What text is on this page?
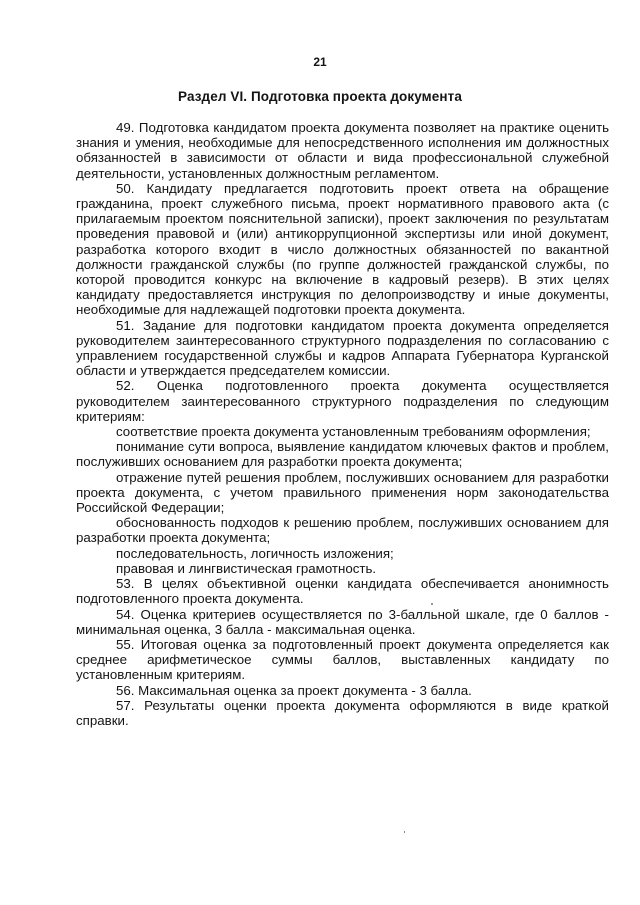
21
Раздел VI. Подготовка проекта документа

49. Подготовка кандидатом проекта документа позволяет на практике оценить знания и умения, необходимые для непосредственного исполнения им должностных обязанностей в зависимости от области и вида профессиональной служебной деятельности, установленных должностным регламентом.

50. Кандидату предлагается подготовить проект ответа на обращение гражданина, проект служебного письма, проект нормативного правового акта (с прилагаемым проектом пояснительной записки), проект заключения по результатам проведения правовой и (или) антикоррупционной экспертизы или иной документ, разработка которого входит в число должностных обязанностей по вакантной должности гражданской службы (по группе должностей гражданской службы, по которой проводится конкурс на включение в кадровый резерв). В этих целях кандидату предоставляется инструкция по делопроизводству и иные документы, необходимые для надлежащей подготовки проекта документа.

51. Задание для подготовки кандидатом проекта документа определяется руководителем заинтересованного структурного подразделения по согласованию с управлением государственной службы и кадров Аппарата Губернатора Курганской области и утверждается председателем комиссии.

52. Оценка подготовленного проекта документа осуществляется руководителем заинтересованного структурного подразделения по следующим критериям:

соответствие проекта документа установленным требованиям оформления;

понимание сути вопроса, выявление кандидатом ключевых фактов и проблем, послуживших основанием для разработки проекта документа;

отражение путей решения проблем, послуживших основанием для разработки проекта документа, с учетом правильного применения норм законодательства Российской Федерации;

обоснованность подходов к решению проблем, послуживших основанием для разработки проекта документа;

последовательность, логичность изложения;

правовая и лингвистическая грамотность.

53. В целях объективной оценки кандидата обеспечивается анонимность подготовленного проекта документа.

54. Оценка критериев осуществляется по 3-балльной шкале, где 0 баллов - минимальная оценка, 3 балла - максимальная оценка.

55. Итоговая оценка за подготовленный проект документа определяется как среднее арифметическое суммы баллов, выставленных кандидату по установленным критериям.

56. Максимальная оценка за проект документа - 3 балла.

57. Результаты оценки проекта документа оформляются в виде краткой справки.
